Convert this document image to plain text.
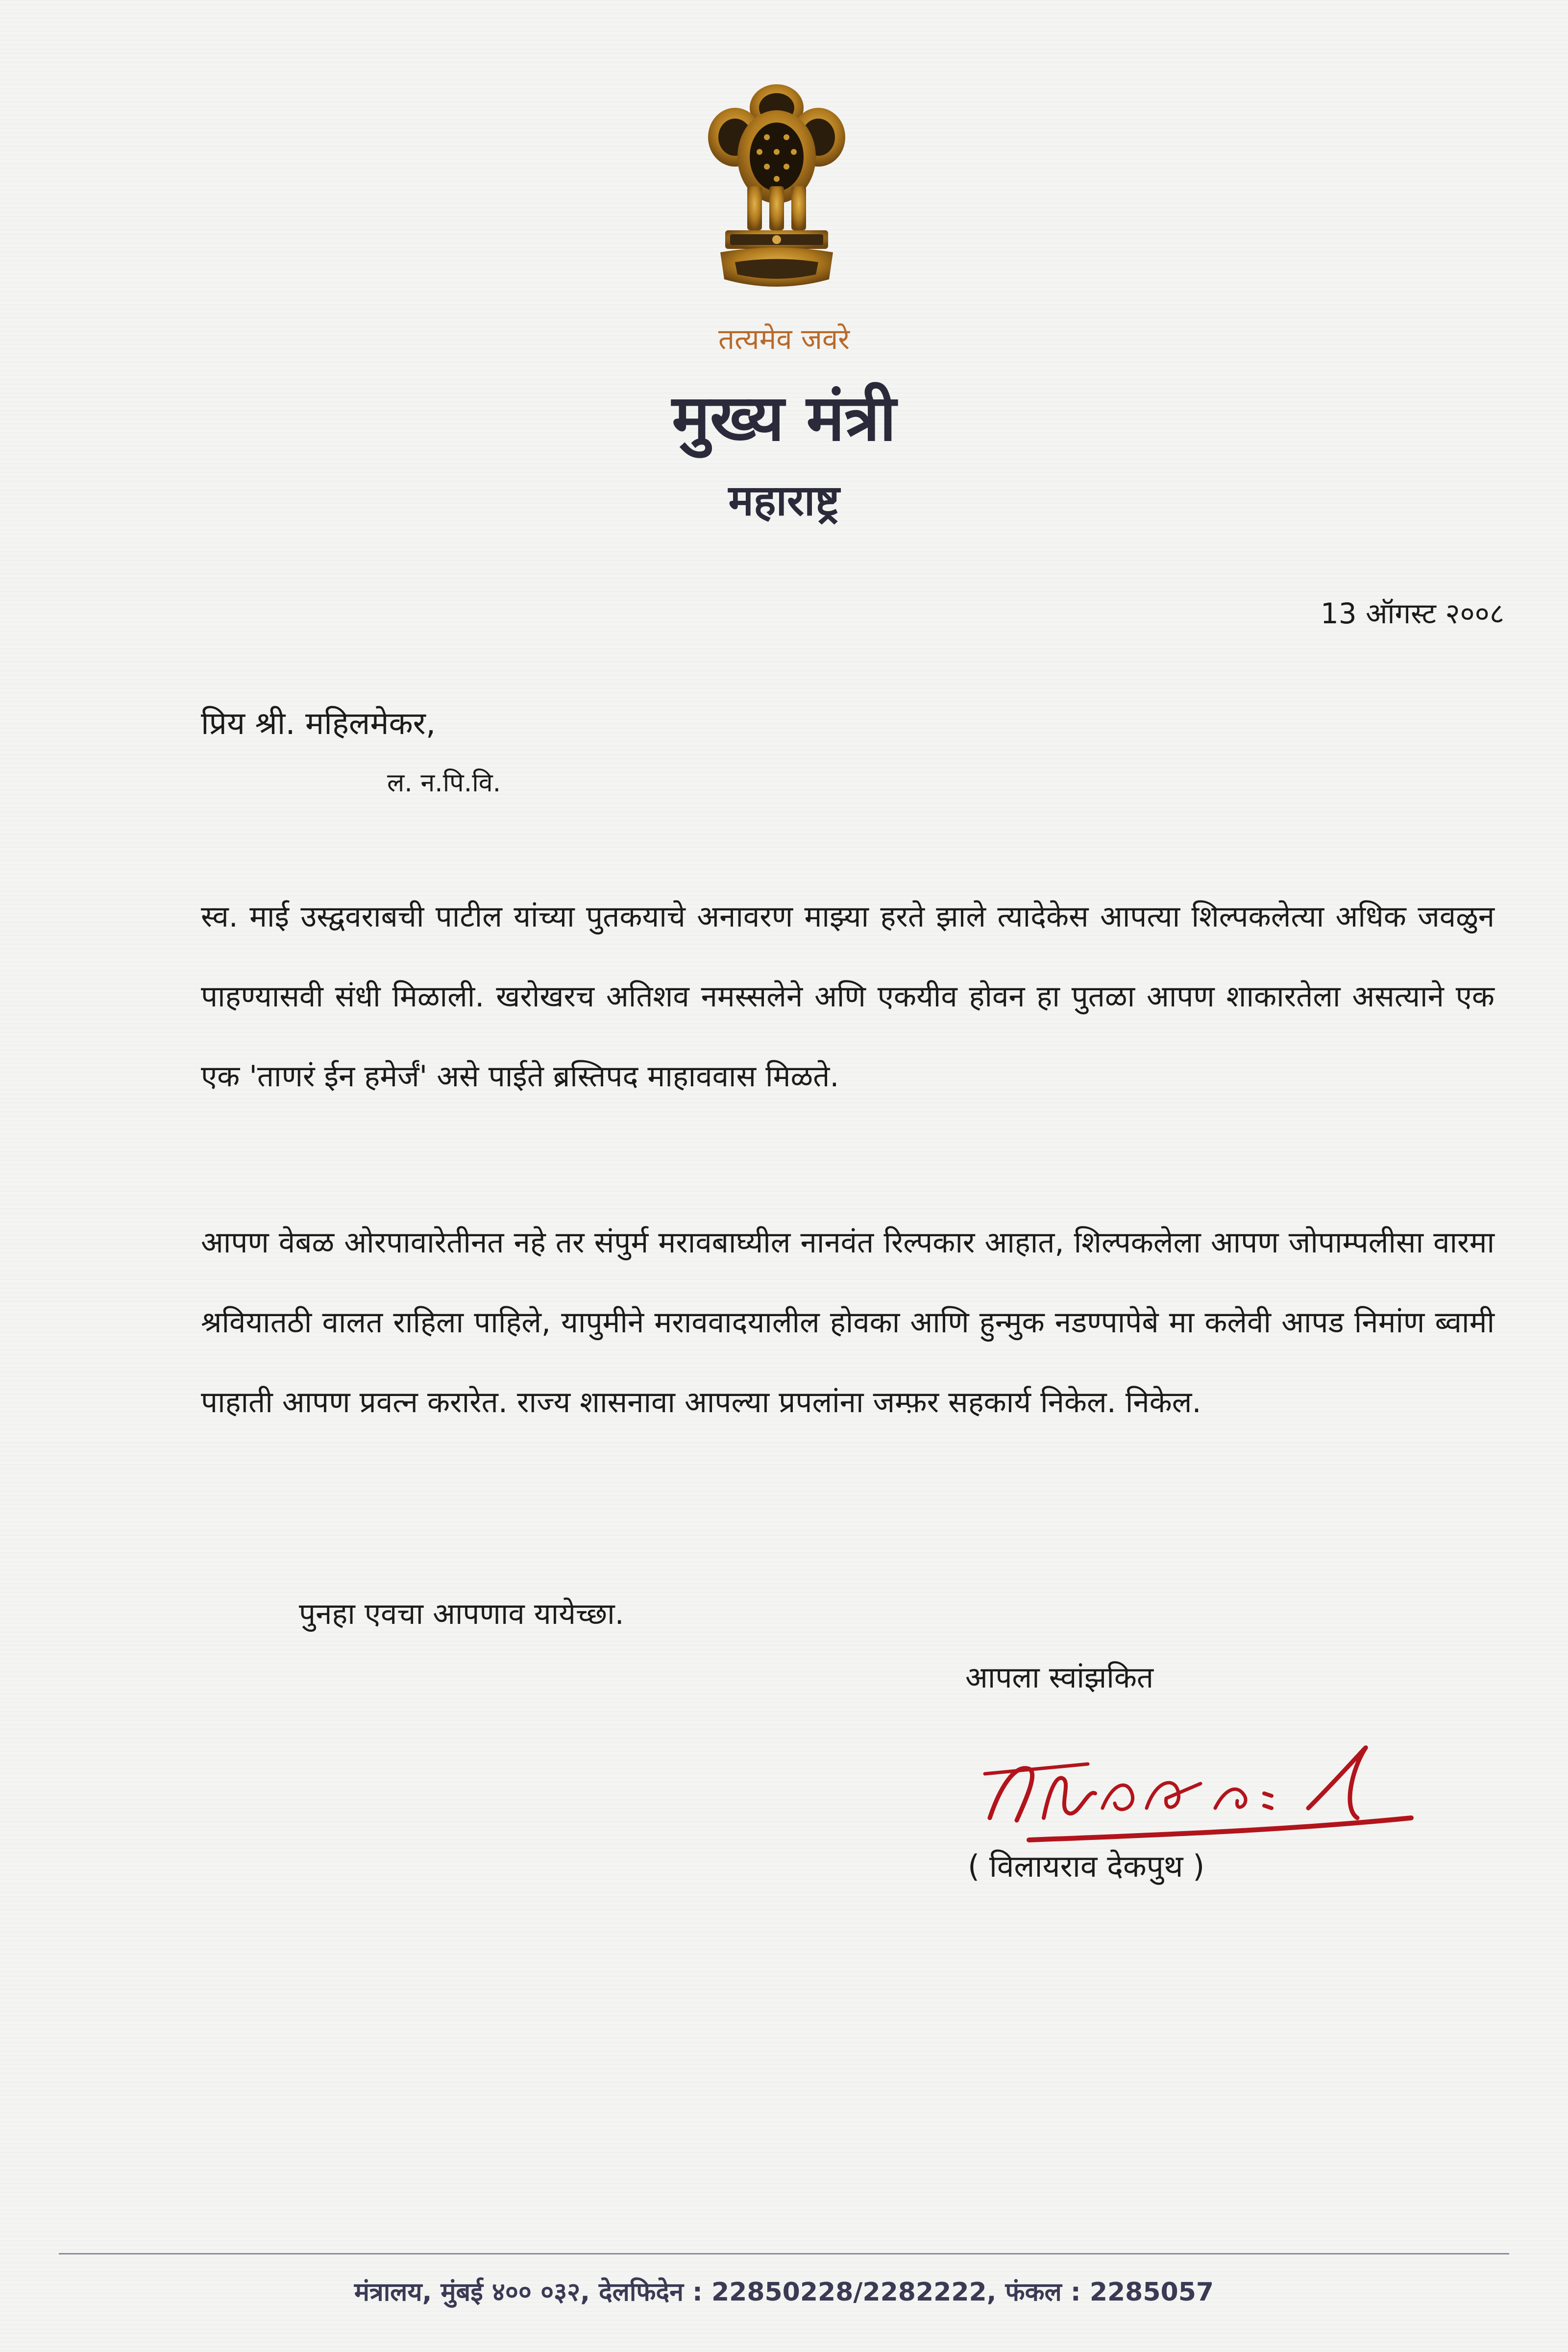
तत्यमेव जवरे
मुख्य मंत्री
महाराष्ट्र
13 ऑगस्ट २००८
प्रिय श्री. महिलमेकर,
ल. न.पि.वि.

स्व. मार्ई उस्द्ववराबची पाटील यांच्या पुतकयाचे अनावरण माझ्या हरते झाले त्यादेकेस आपत्या शिल्पकलेत्या अधिक जवळुन पाहण्यासवी संधी मिळाली. खरोखरच अतिशव नमस्सलेने अणि एकयीव होवन हा पुतळा आपण शाकारतेला असत्याने एक एक 'ताणरं ईन हमेर्जं' असे पाईते ब्रस्तिपद माहाववास मिळते.

आपण वेबळ ओरपावारेतीनत नहे तर संपुर्म मरावबाघ्यील नानवंत रिल्पकार आहात, शिल्पकलेला आपण जोपाम्पलीसा वारमा श्रवियातठी वालत राहिला पाहिले, यापुमीने मराववादयालील होवका आणि हुन्मुक नडण्पापेबे मा कलेवी आपड निमांण ब्वामी पाहाती आपण प्रवत्न करारेत. राज्य शासनावा आपल्या प्रपलांना जम्फ़र सहकार्य निकेल. निकेल.

पुनहा एवचा आपणाव यायेच्छा.
आपला स्वांझकित
( विलायराव देकपुथ )
मंत्रालय, मुंबई ४०० ०३२, देलफिदेन : 22850228/2282222, फंकल : 2285057
